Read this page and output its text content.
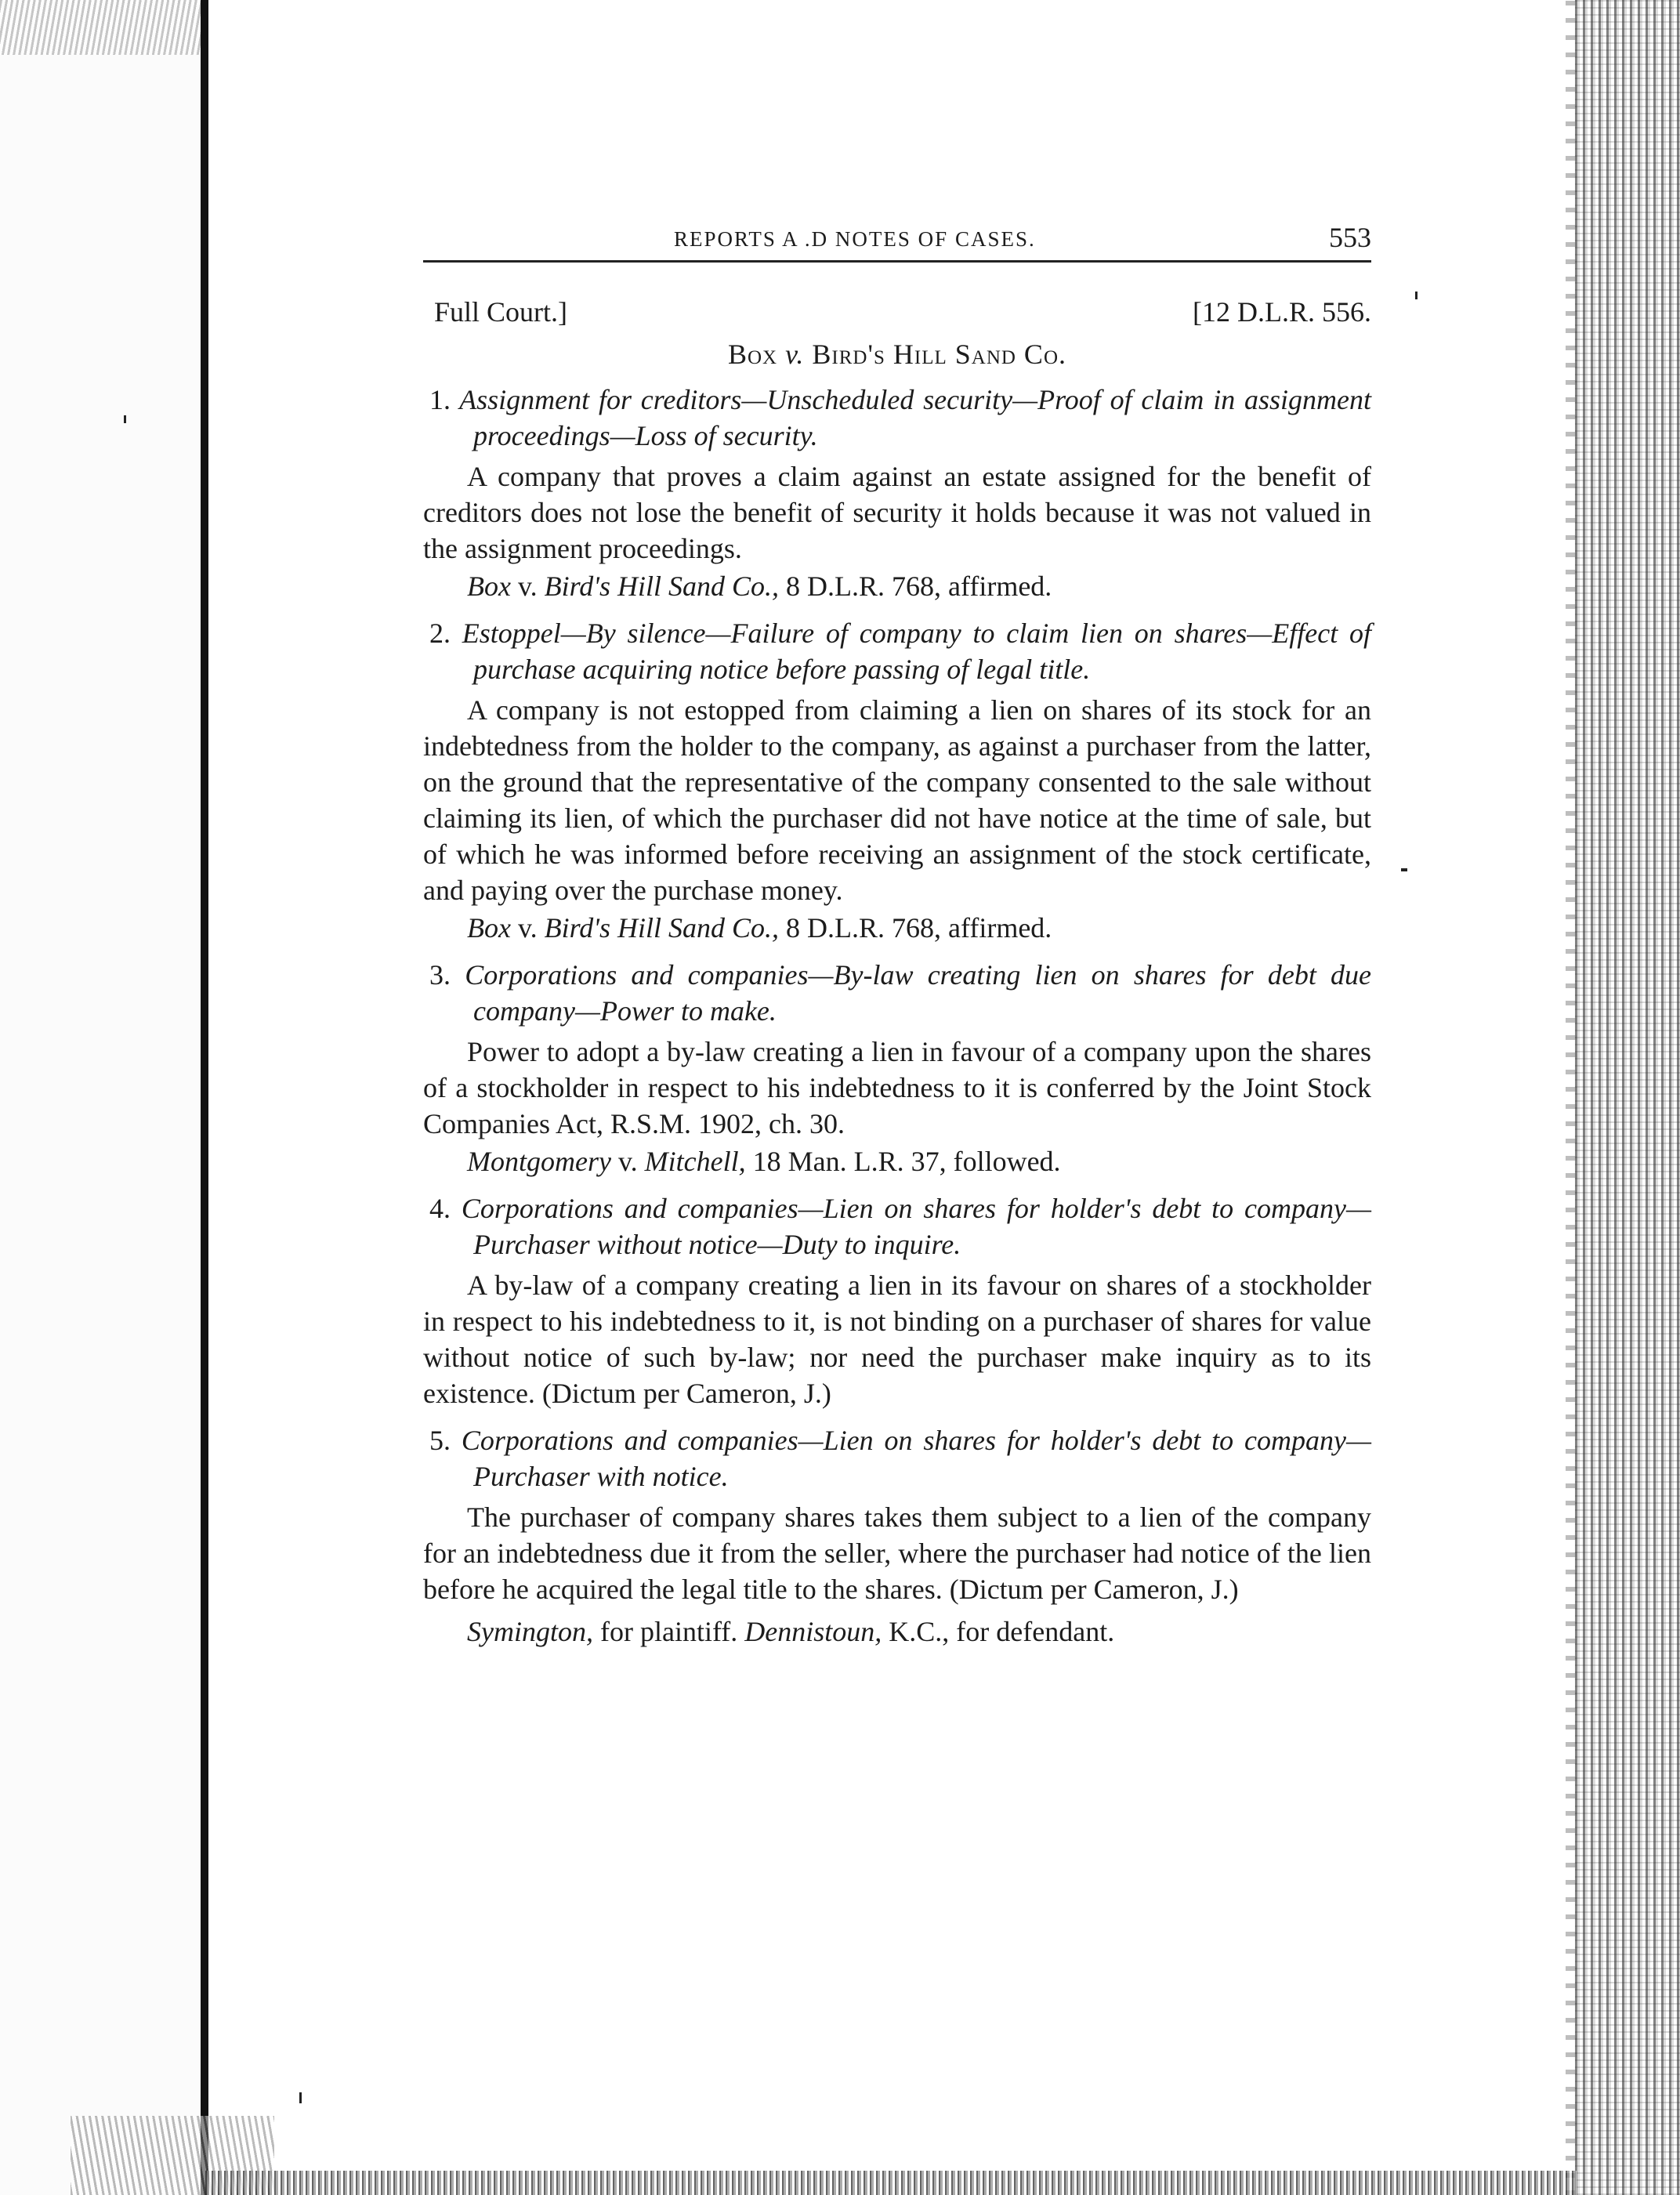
REPORTS A .D NOTES OF CASES.	553
Full Court.]	[12 D.L.R. 556.
Box v. Bird's Hill Sand Co.
1. Assignment for creditors—Unscheduled security—Proof of claim in assignment proceedings—Loss of security.
A company that proves a claim against an estate assigned for the benefit of creditors does not lose the benefit of security it holds because it was not valued in the assignment proceedings.
Box v. Bird's Hill Sand Co., 8 D.L.R. 768, affirmed.
2. Estoppel—By silence—Failure of company to claim lien on shares—Effect of purchase acquiring notice before passing of legal title.
A company is not estopped from claiming a lien on shares of its stock for an indebtedness from the holder to the company, as against a purchaser from the latter, on the ground that the representative of the company consented to the sale without claiming its lien, of which the purchaser did not have notice at the time of sale, but of which he was informed before receiving an assignment of the stock certificate, and paying over the purchase money.
Box v. Bird's Hill Sand Co., 8 D.L.R. 768, affirmed.
3. Corporations and companies—By-law creating lien on shares for debt due company—Power to make.
Power to adopt a by-law creating a lien in favour of a company upon the shares of a stockholder in respect to his indebtedness to it is conferred by the Joint Stock Companies Act, R.S.M. 1902, ch. 30.
Montgomery v. Mitchell, 18 Man. L.R. 37, followed.
4. Corporations and companies—Lien on shares for holder's debt to company—Purchaser without notice—Duty to inquire.
A by-law of a company creating a lien in its favour on shares of a stockholder in respect to his indebtedness to it, is not binding on a purchaser of shares for value without notice of such by-law; nor need the purchaser make inquiry as to its existence. (Dictum per Cameron, J.)
5. Corporations and companies—Lien on shares for holder's debt to company—Purchaser with notice.
The purchaser of company shares takes them subject to a lien of the company for an indebtedness due it from the seller, where the purchaser had notice of the lien before he acquired the legal title to the shares. (Dictum per Cameron, J.)
Symington, for plaintiff. Dennistoun, K.C., for defendant.
